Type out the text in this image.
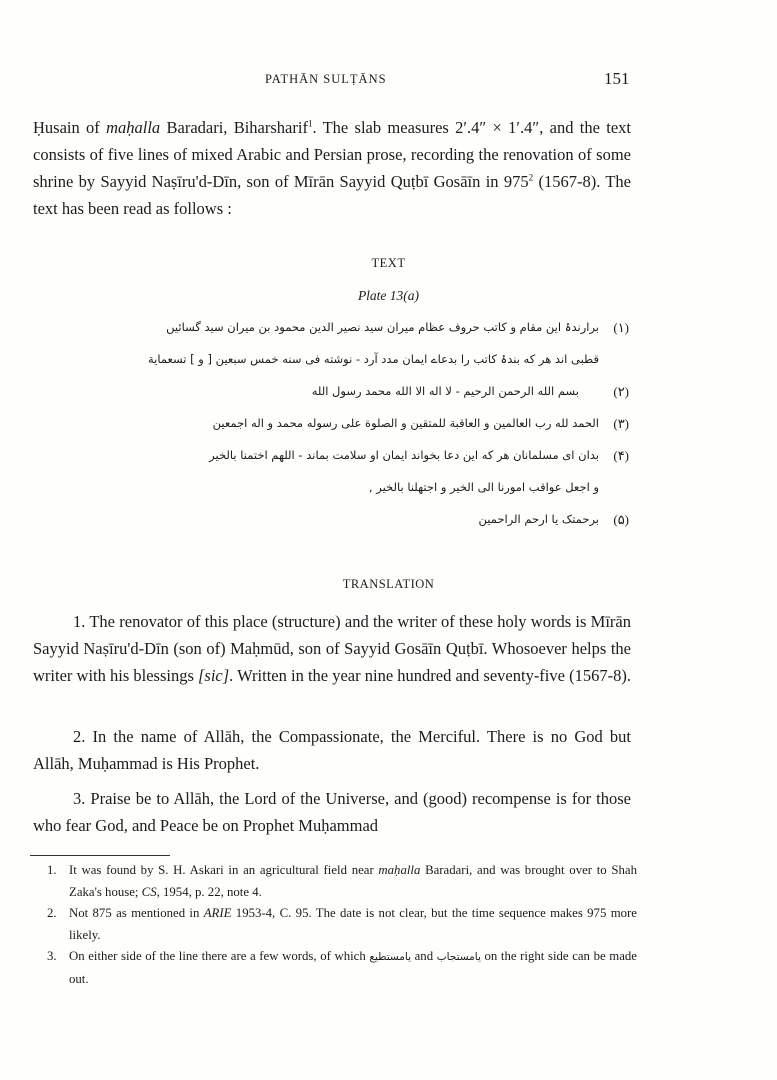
PATHĀN SULṬĀNS	151

Ḥusain of maḥalla Baradari, Biharsharif$^1$. The slab measures 2′.4″ × 1′.4″, and the text consists of five lines of mixed Arabic and Persian prose, recording the renovation of some shrine by Sayyid Naṣīru'd-Dīn, son of Mīrān Sayyid Quṭbī Gosāīn in $975^2$ (1567-8). The text has been read as follows :

TEXT
Plate 13(a)
(۱)
برارندۂ این مقام و کاتب حروف عظام میران سید نصیر الدین محمود بن میران سید گسائیں
قطبی اند هر که بندۂ کاتب را بدعاے ایمان مدد آرد - نوشته فی سنه خمس سبعین [ و ] تسعمایة
(۲)
بسم الله الرحمن الرحیم - لا اله الا الله محمد رسول الله
(۳)
الحمد لله رب العالمین و العاقبة للمتقین و الصلوة علی رسوله محمد و اله اجمعین
(۴)
بدان ای مسلمانان هر که این دعا بخواند ایمان او سلامت بماند - اللهم اختمنا بالخیر
و اجعل عواقب امورنا الی الخیر و اجتهلنا بالخیر ,
(۵)
برحمتک یا ارحم الراحمین
TRANSLATION

1. The renovator of this place (structure) and the writer of these holy words is Mīrān Sayyid Naṣīru'd-Dīn (son of) Maḥmūd, son of Sayyid Gosāīn Quṭbī. Whosoever helps the writer with his blessings [sic]. Written in the year nine hundred and seventy-five (1567-8).

2. In the name of Allāh, the Compassionate, the Merciful. There is no God but Allāh, Muḥammad is His Prophet.

3. Praise be to Allāh, the Lord of the Universe, and (good) recompense is for those who fear God, and Peace be on Prophet Muḥammad

1. It was found by S. H. Askari in an agricultural field near maḥalla Baradari, and was brought over to Shah Zaka's house; CS, 1954, p. 22, note 4.
2. Not 875 as mentioned in ARIE 1953-4, C. 95. The date is not clear, but the time sequence makes 975 more likely.
3. On either side of the line there are a few words, of which یامستطیع and یامستجاب on the right side can be made out.
